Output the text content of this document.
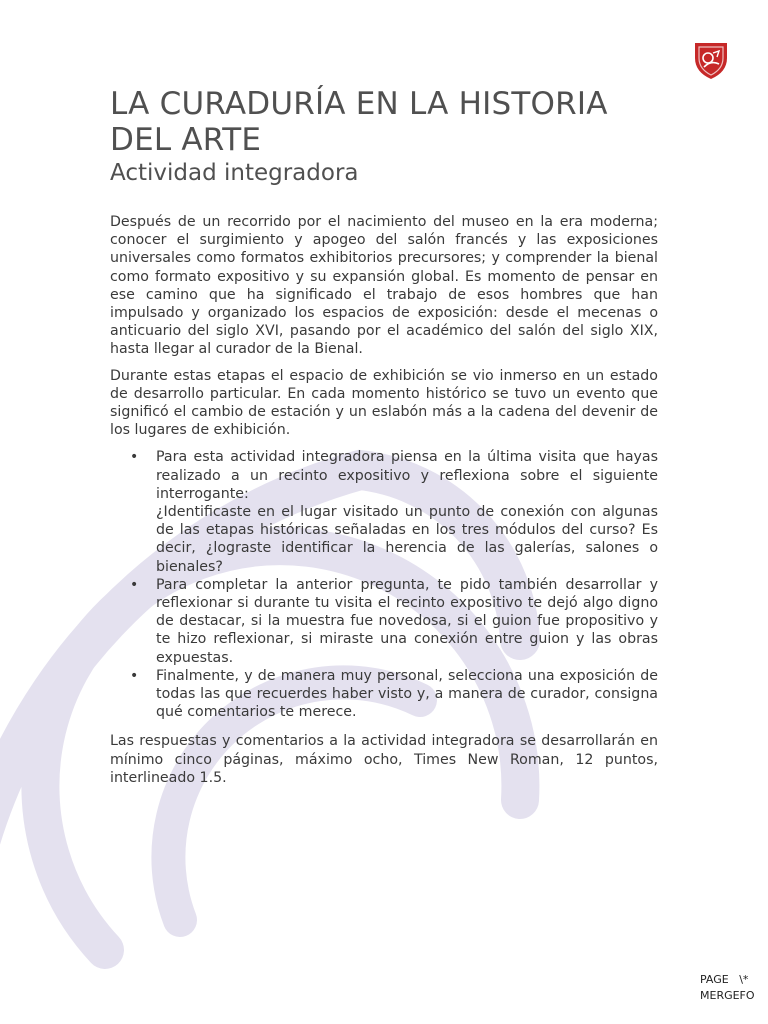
LA CURADURÍA EN LA HISTORIA DEL ARTE
Actividad integradora

Después de un recorrido por el nacimiento del museo en la era moderna; conocer el surgimiento y apogeo del salón francés y las exposiciones universales como formatos exhibitorios precursores; y comprender la bienal como formato expositivo y su expansión global. Es momento de pensar en ese camino que ha significado el trabajo de esos hombres que han impulsado y organizado los espacios de exposición: desde el mecenas o anticuario del siglo XVI, pasando por el académico del salón del siglo XIX, hasta llegar al curador de la Bienal.

Durante estas etapas el espacio de exhibición se vio inmerso en un estado de desarrollo particular. En cada momento histórico se tuvo un evento que significó el cambio de estación y un eslabón más a la cadena del devenir de los lugares de exhibición.

• Para esta actividad integradora piensa en la última visita que hayas realizado a un recinto expositivo y reflexiona sobre el siguiente interrogante:
¿Identificaste en el lugar visitado un punto de conexión con algunas de las etapas históricas señaladas en los tres módulos del curso? Es decir, ¿lograste identificar la herencia de las galerías, salones o bienales?
• Para completar la anterior pregunta, te pido también desarrollar y reflexionar si durante tu visita el recinto expositivo te dejó algo digno de destacar, si la muestra fue novedosa, si el guion fue propositivo y te hizo reflexionar, si miraste una conexión entre guion y las obras expuestas.
• Finalmente, y de manera muy personal, selecciona una exposición de todas las que recuerdes haber visto y, a manera de curador, consigna qué comentarios te merece.

Las respuestas y comentarios a la actividad integradora se desarrollarán en mínimo cinco páginas, máximo ocho, Times New Roman, 12 puntos, interlineado 1.5.

PAGE   \*
MERGEFO
